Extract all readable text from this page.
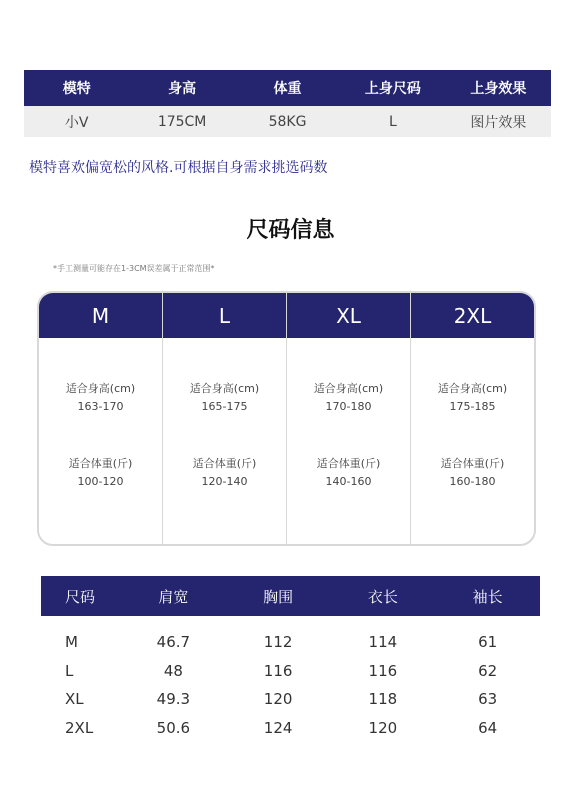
模特	身高	体重	上身尺码	上身效果
小V	175CM	58KG	L	图片效果
模特喜欢偏宽松的风格.可根据自身需求挑选码数
尺码信息
*手工测量可能存在1-3CM误差属于正常范围*
M
适合身高(cm)
163-170
适合体重(斤)
100-120
L
适合身高(cm)
165-175
适合体重(斤)
120-140
XL
适合身高(cm)
170-180
适合体重(斤)
140-160
2XL
适合身高(cm)
175-185
适合体重(斤)
160-180
尺码	肩宽	胸围	衣长	袖长
M	46.7	112	114	61
L	48	116	116	62
XL	49.3	120	118	63
2XL	50.6	124	120	64
